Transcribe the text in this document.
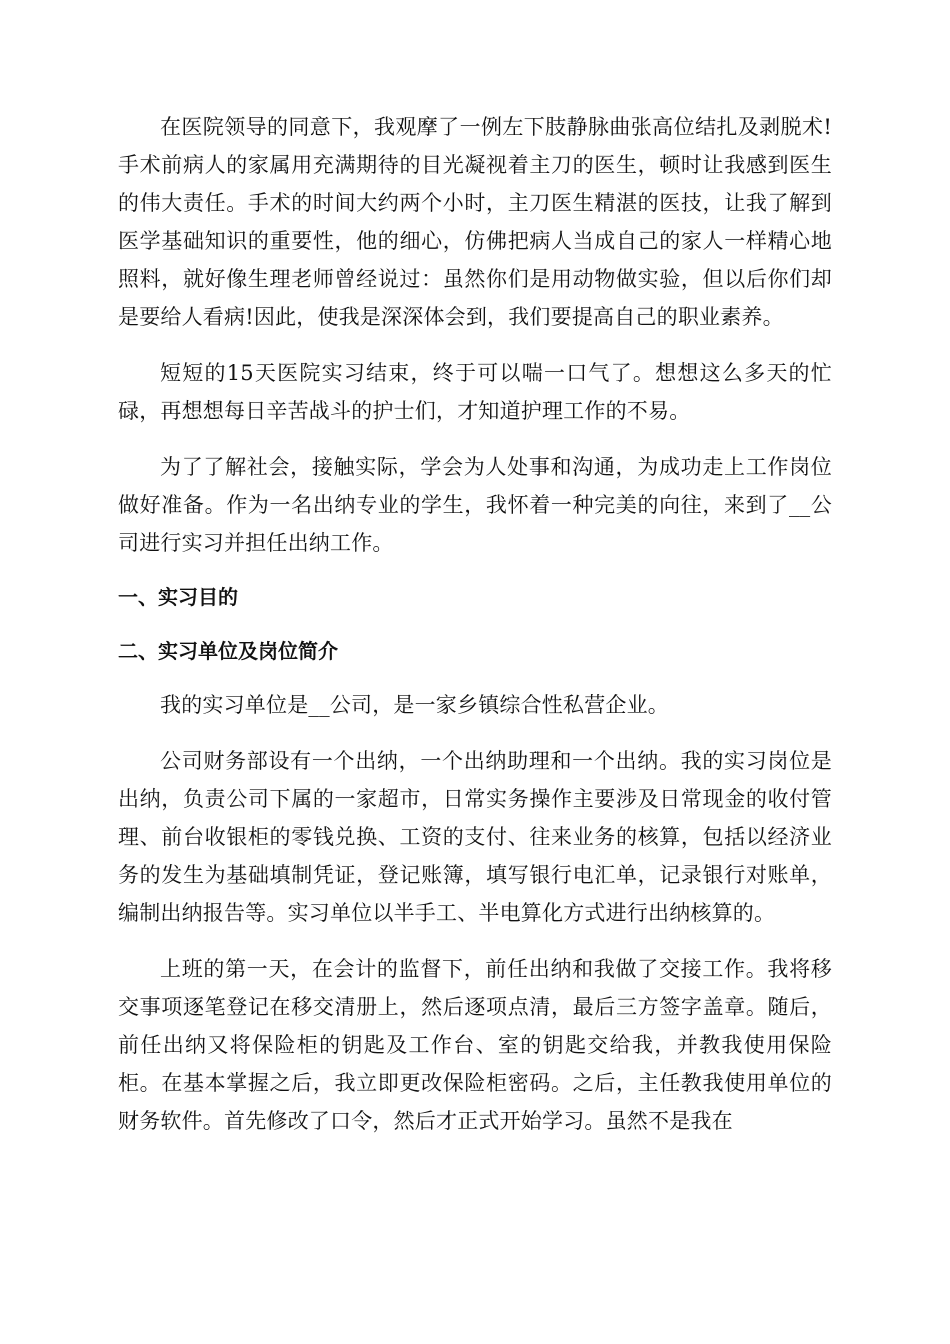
在医院领导的同意下，我观摩了一例左下肢静脉曲张高位结扎及剥脱术!手术前病人的家属用充满期待的目光凝视着主刀的医生，顿时让我感到医生的伟大责任。手术的时间大约两个小时，主刀医生精湛的医技，让我了解到医学基础知识的重要性，他的细心，仿佛把病人当成自己的家人一样精心地照料，就好像生理老师曾经说过：虽然你们是用动物做实验，但以后你们却是要给人看病!因此，使我是深深体会到，我们要提高自己的职业素养。

短短的15天医院实习结束，终于可以喘一口气了。想想这么多天的忙碌，再想想每日辛苦战斗的护士们，才知道护理工作的不易。

为了了解社会，接触实际，学会为人处事和沟通，为成功走上工作岗位做好准备。作为一名出纳专业的学生，我怀着一种完美的向往，来到了__公司进行实习并担任出纳工作。

一、实习目的

二、实习单位及岗位简介

我的实习单位是__公司，是一家乡镇综合性私营企业。

公司财务部设有一个出纳，一个出纳助理和一个出纳。我的实习岗位是出纳，负责公司下属的一家超市，日常实务操作主要涉及日常现金的收付管理、前台收银柜的零钱兑换、工资的支付、往来业务的核算，包括以经济业务的发生为基础填制凭证，登记账簿，填写银行电汇单，记录银行对账单，编制出纳报告等。实习单位以半手工、半电算化方式进行出纳核算的。

上班的第一天，在会计的监督下，前任出纳和我做了交接工作。我将移交事项逐笔登记在移交清册上，然后逐项点清，最后三方签字盖章。随后，前任出纳又将保险柜的钥匙及工作台、室的钥匙交给我，并教我使用保险柜。在基本掌握之后，我立即更改保险柜密码。之后，主任教我使用单位的财务软件。首先修改了口令，然后才正式开始学习。虽然不是我在
